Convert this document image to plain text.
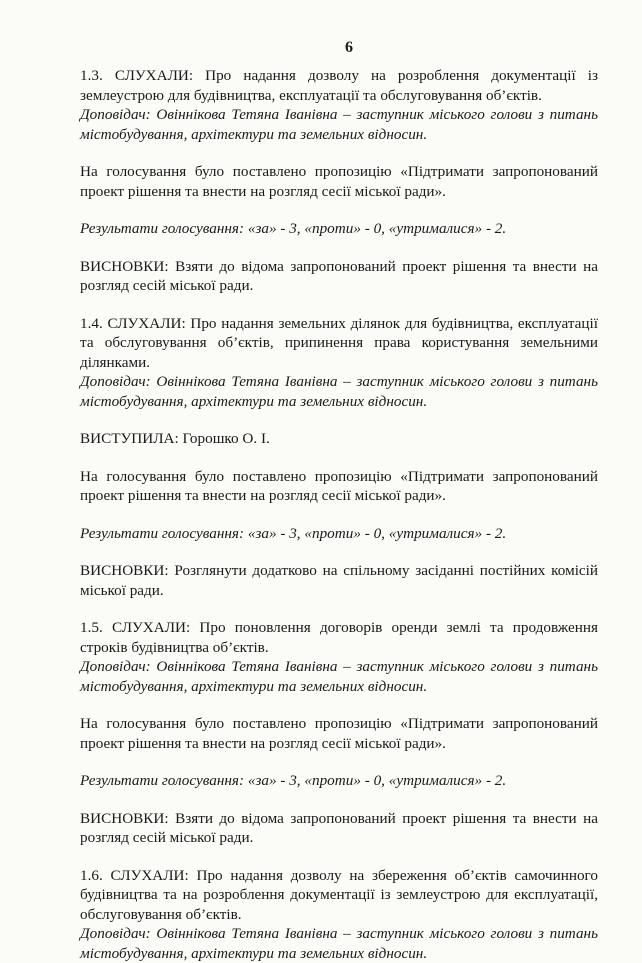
6

1.3. СЛУХАЛИ: Про надання дозволу на розроблення документації із землеустрою для будівництва, експлуатації та обслуговування об’єктів.

Доповідач: Овіннікова Тетяна Іванівна – заступник міського голови з питань містобудування, архітектури та земельних відносин.

На голосування було поставлено пропозицію «Підтримати запропонований проект рішення та внести на розгляд сесії міської ради».

Результати голосування: «за» - 3, «проти» - 0, «утрималися» - 2.

ВИСНОВКИ: Взяти до відома запропонований проект рішення та внести на розгляд сесій міської ради.

1.4. СЛУХАЛИ: Про надання земельних ділянок для будівництва, експлуатації та обслуговування об’єктів, припинення права користування земельними ділянками.

Доповідач: Овіннікова Тетяна Іванівна – заступник міського голови з питань містобудування, архітектури та земельних відносин.

ВИСТУПИЛА: Горошко О. І.

На голосування було поставлено пропозицію «Підтримати запропонований проект рішення та внести на розгляд сесії міської ради».

Результати голосування: «за» - 3, «проти» - 0, «утрималися» - 2.

ВИСНОВКИ: Розглянути додатково на спільному засіданні постійних комісій міської ради.

1.5. СЛУХАЛИ: Про поновлення договорів оренди землі та продовження строків будівництва об’єктів.

Доповідач: Овіннікова Тетяна Іванівна – заступник міського голови з питань містобудування, архітектури та земельних відносин.

На голосування було поставлено пропозицію «Підтримати запропонований проект рішення та внести на розгляд сесії міської ради».

Результати голосування: «за» - 3, «проти» - 0, «утрималися» - 2.

ВИСНОВКИ: Взяти до відома запропонований проект рішення та внести на розгляд сесій міської ради.

1.6. СЛУХАЛИ: Про надання дозволу на збереження об’єктів самочинного будівництва та на розроблення документації із землеустрою для експлуатації, обслуговування об’єктів.

Доповідач: Овіннікова Тетяна Іванівна – заступник міського голови з питань містобудування, архітектури та земельних відносин.
